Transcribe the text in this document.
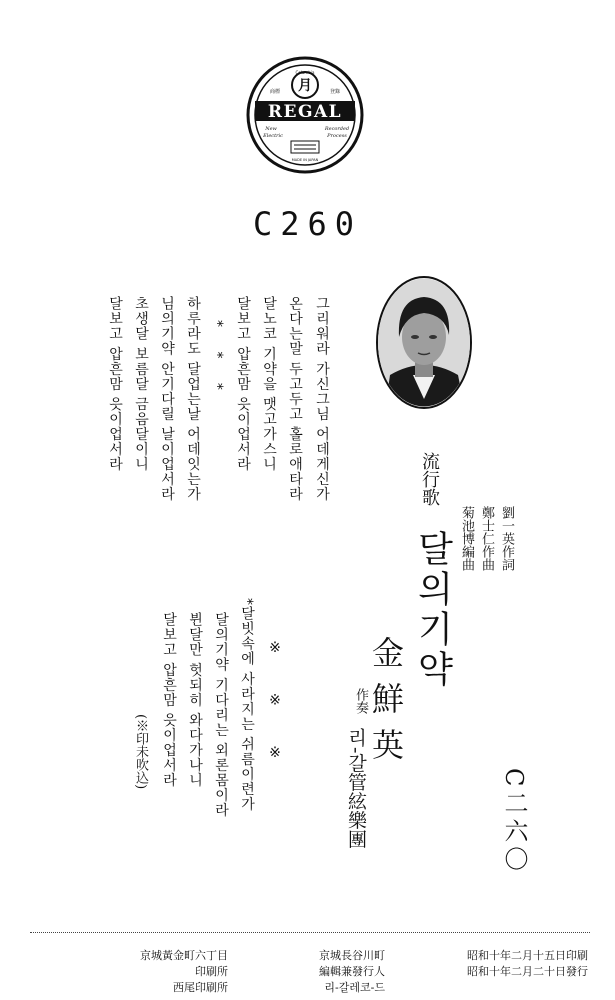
月
Columbia
商標	登錄
REGAL
New
Electric
Recorded
Process
MADE IN JAPAN
C260
그리워라 가신그님 어데게신가
온다는말 두고두고 홀로애타라
달노코 기약을 맷고가스니
달보고 압흔맘 읏이업서라
* * *
하루라도 달업는날 어데잇는가
님의기약 안기다릴 날이업서라
초생달 보름달 금음달이니
달보고 압흔맘 읏이업서라
※ ※ ※
*달빗속에 사라지는 쉬름이련가
달의기약 기다리는 외론몸이라
뷘달만 헛되히 와다가나니
달보고 압흔맘 읏이업서라
(※印未吹込)
流行歌
달의기약	劉一英作詞
鄭士仁作曲
菊池博編曲
金鮮英
作奏
리-갈管絃樂團	C二六〇
昭和十年二月十五日印刷
昭和十年二月二十日發行
京城長谷川町
編輯兼發行人
리-갈레코-드
京城黃金町六丁目
印刷所
西尾印刷所
